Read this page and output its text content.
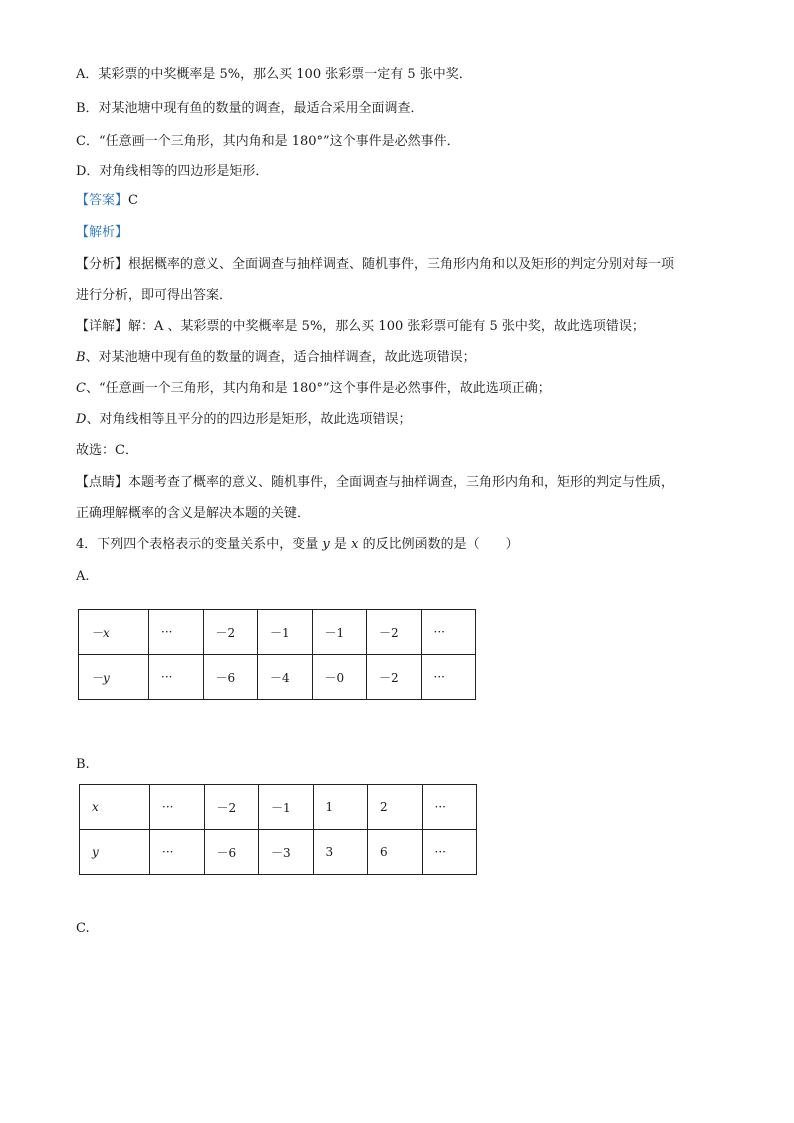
A．某彩票的中奖概率是 5%，那么买 100 张彩票一定有 5 张中奖．
B．对某池塘中现有鱼的数量的调查，最适合采用全面调查．
C．“任意画一个三角形，其内角和是 180°”这个事件是必然事件．
D．对角线相等的四边形是矩形．
【答案】C
【解析】
【分析】根据概率的意义、全面调查与抽样调查、随机事件，三角形内角和以及矩形的判定分别对每一项
进行分析，即可得出答案．
【详解】解：A 、某彩票的中奖概率是 5%，那么买 100 张彩票可能有 5 张中奖，故此选项错误；
B、对某池塘中现有鱼的数量的调查，适合抽样调查，故此选项错误；
C、“任意画一个三角形，其内角和是 180°”这个事件是必然事件，故此选项正确；
D、对角线相等且平分的的四边形是矩形，故此选项错误；
故选：C．
【点睛】本题考查了概率的意义、随机事件，全面调查与抽样调查，三角形内角和，矩形的判定与性质，
正确理解概率的含义是解决本题的关键．
4．下列四个表格表示的变量关系中，变量 y 是 x 的反比例函数的是（　　）
A.
－x	···	－2	－1	－1	－2	···
－y	···	－6	－4	－0	－2	···
B.
x	···	－2	－1	1	2	···
y	···	－6	－3	3	6	···
C.
